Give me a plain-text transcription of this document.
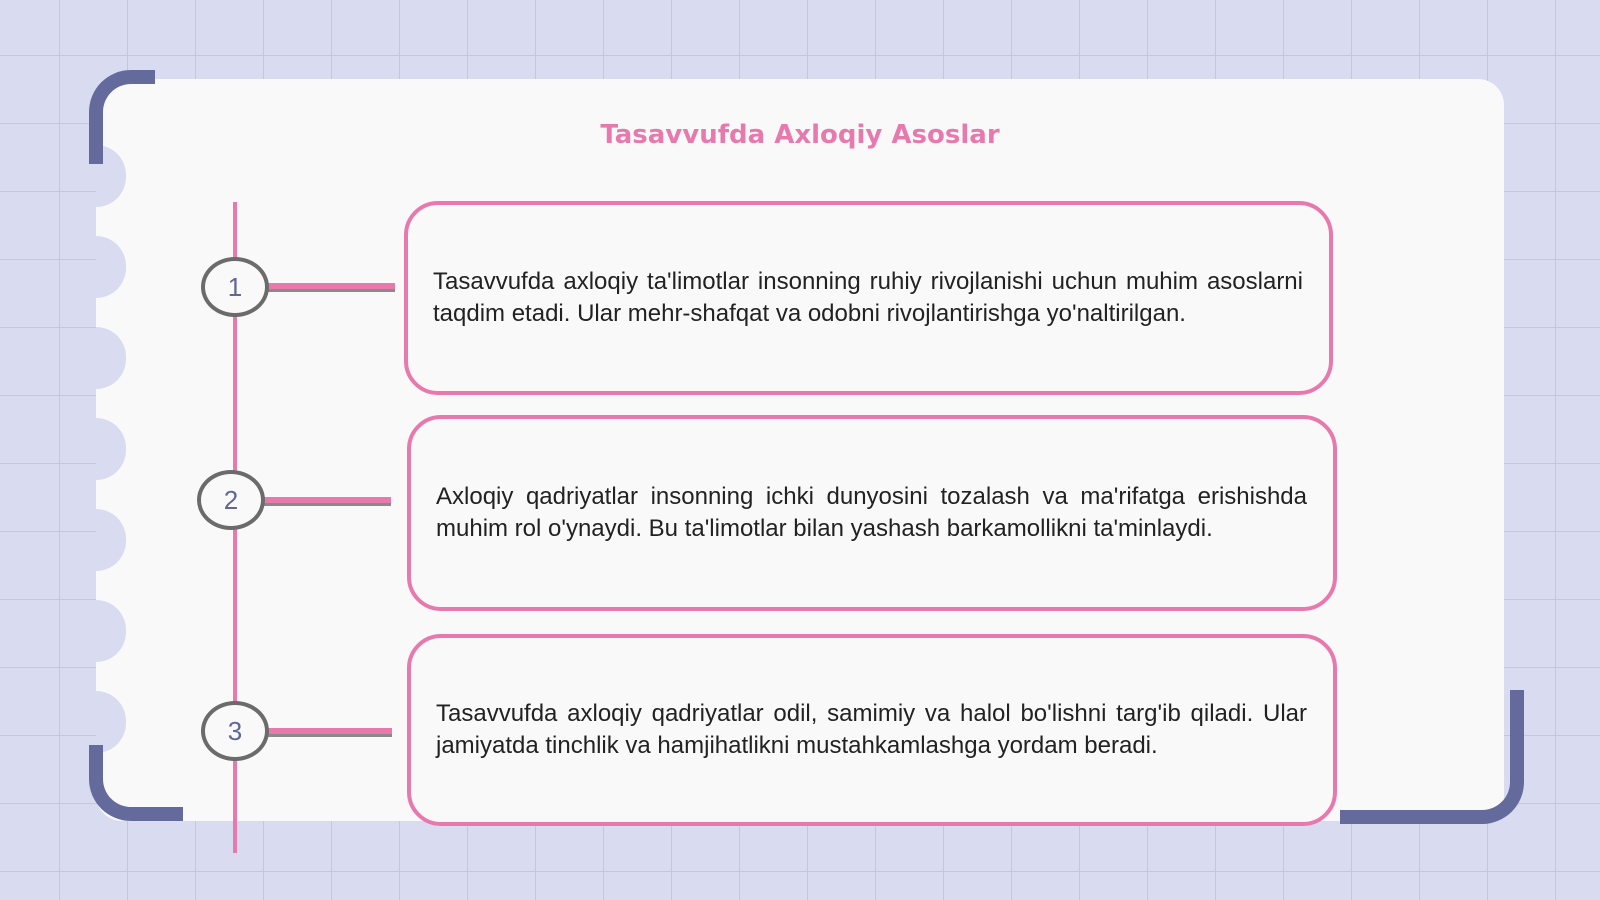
Tasavvufda Axloqiy Asoslar
1	Tasavvufda axloqiy ta'limotlar insonning ruhiy rivojlanishi uchun muhim asoslarni taqdim etadi. Ular mehr-shafqat va odobni rivojlantirishga yo'naltirilgan.

2	Axloqiy qadriyatlar insonning ichki dunyosini tozalash va ma'rifatga erishishda muhim rol o'ynaydi. Bu ta'limotlar bilan yashash barkamollikni ta'minlaydi.

3

Tasavvufda axloqiy qadriyatlar odil, samimiy va halol bo'lishni targ'ib qiladi. Ular jamiyatda tinchlik va hamjihatlikni mustahkamlashga yordam beradi.
